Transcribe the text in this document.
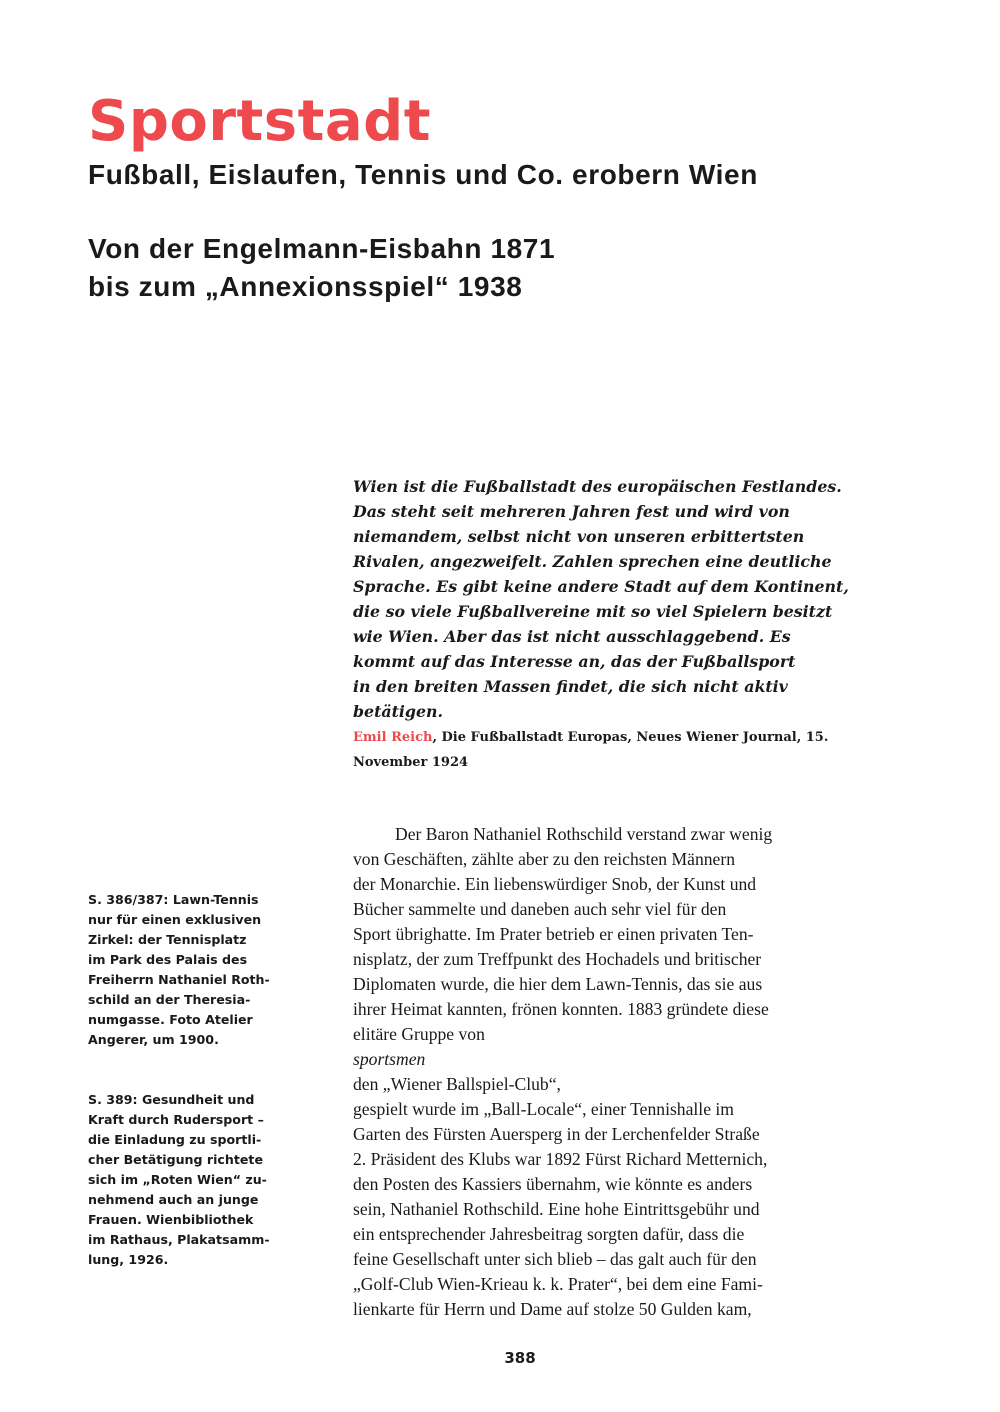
Sportstadt
Fußball, Eislaufen, Tennis und Co. erobern Wien
Von der Engelmann-Eisbahn 1871
bis zum „Annexionsspiel“ 1938
Wien ist die Fußballstadt des europäischen Festlandes.
Das steht seit mehreren Jahren fest und wird von
niemandem, selbst nicht von unseren erbittertsten
Rivalen, angezweifelt. Zahlen sprechen eine deutliche
Sprache. Es gibt keine andere Stadt auf dem Kontinent,
die so viele Fußballvereine mit so viel Spielern besitzt
wie Wien. Aber das ist nicht ausschlaggebend. Es
kommt auf das Interesse an, das der Fußballsport
in den breiten Massen findet, die sich nicht aktiv
betätigen.
Emil Reich, Die Fußballstadt Europas, Neues Wiener Journal, 15.
November 1924
Der Baron Nathaniel Rothschild verstand zwar wenig
von Geschäften, zählte aber zu den reichsten Männern
der Monarchie. Ein liebenswürdiger Snob, der Kunst und
Bücher sammelte und daneben auch sehr viel für den
Sport übrighatte. Im Prater betrieb er einen privaten Ten-
nisplatz, der zum Treffpunkt des Hochadels und britischer
Diplomaten wurde, die hier dem Lawn-Tennis, das sie aus
ihrer Heimat kannten, frönen konnten. 1883 gründete diese
elitäre Gruppe von
sportsmen
den „Wiener Ballspiel-Club“,
gespielt wurde im „Ball-Locale“, einer Tennishalle im
Garten des Fürsten Auersperg in der Lerchenfelder Straße
2. Präsident des Klubs war 1892 Fürst Richard Metternich,
den Posten des Kassiers übernahm, wie könnte es anders
sein, Nathaniel Rothschild. Eine hohe Eintrittsgebühr und
ein entsprechender Jahresbeitrag sorgten dafür, dass die
feine Gesellschaft unter sich blieb – das galt auch für den
„Golf-Club Wien-Krieau k. k. Prater“, bei dem eine Fami-
lienkarte für Herrn und Dame auf stolze 50 Gulden kam,
S. 386/387: Lawn-Tennis
nur für einen exklusiven
Zirkel: der Tennisplatz
im Park des Palais des
Freiherrn Nathaniel Roth-
schild an der Theresia-
numgasse. Foto Atelier
Angerer, um 1900.
S. 389: Gesundheit und
Kraft durch Rudersport –
die Einladung zu sportli-
cher Betätigung richtete
sich im „Roten Wien“ zu-
nehmend auch an junge
Frauen. Wienbibliothek
im Rathaus, Plakatsamm-
lung, 1926.
388
